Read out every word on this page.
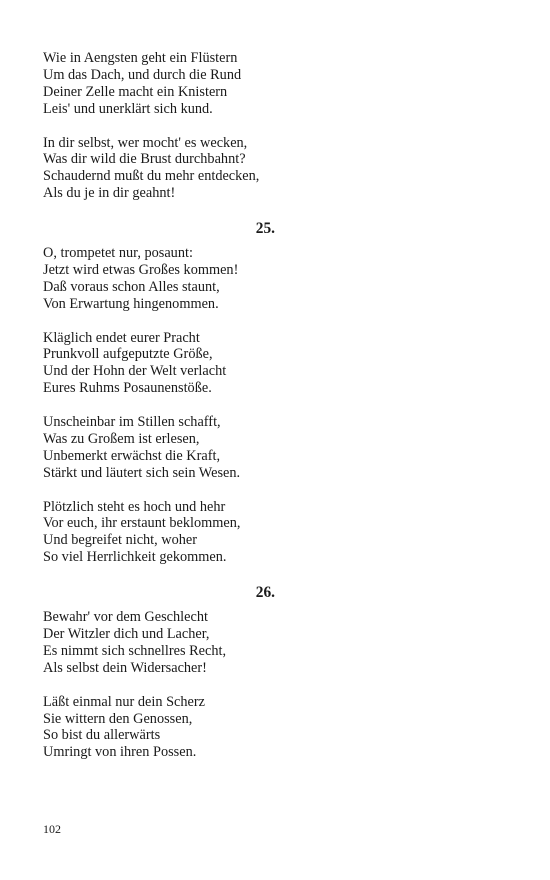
Wie in Aengsten geht ein Flüstern
Um das Dach, und durch die Rund
Deiner Zelle macht ein Knistern
Leis' und unerklärt sich kund.
In dir selbst, wer mocht' es wecken,
Was dir wild die Brust durchbahnt?
Schaudernd mußt du mehr entdecken,
Als du je in dir geahnt!
25.
O, trompetet nur, posaunt:
Jetzt wird etwas Großes kommen!
Daß voraus schon Alles staunt,
Von Erwartung hingenommen.
Kläglich endet eurer Pracht
Prunkvoll aufgeputzte Größe,
Und der Hohn der Welt verlacht
Eures Ruhms Posaunenstöße.
Unscheinbar im Stillen schafft,
Was zu Großem ist erlesen,
Unbemerkt erwächst die Kraft,
Stärkt und läutert sich sein Wesen.
Plötzlich steht es hoch und hehr
Vor euch, ihr erstaunt beklommen,
Und begreifet nicht, woher
So viel Herrlichkeit gekommen.
26.
Bewahr' vor dem Geschlecht
Der Witzler dich und Lacher,
Es nimmt sich schnellres Recht,
Als selbst dein Widersacher!
Läßt einmal nur dein Scherz
Sie wittern den Genossen,
So bist du allerwärts
Umringt von ihren Possen.
102
